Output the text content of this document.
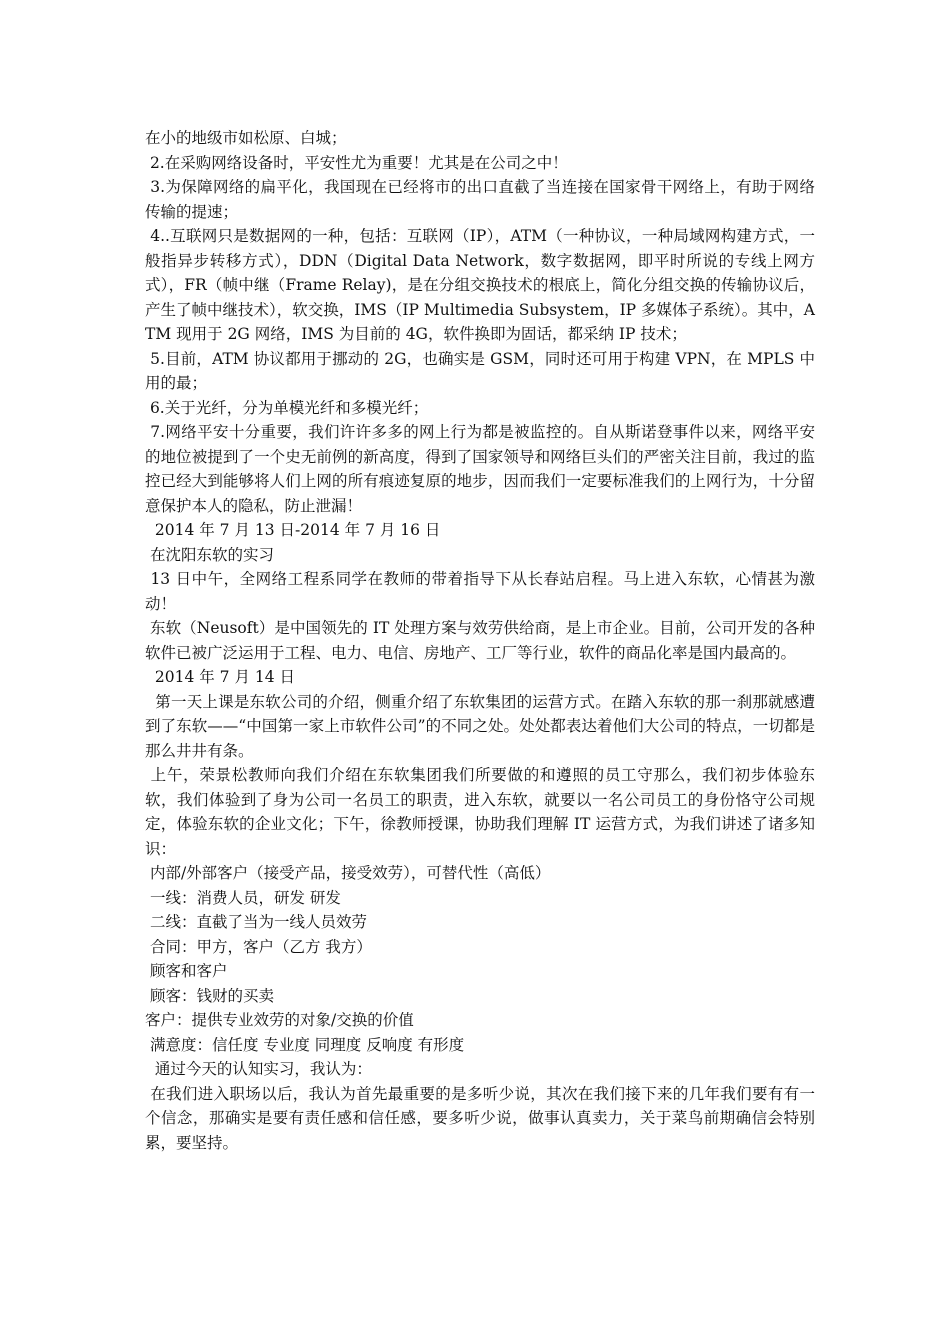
在小的地级市如松原、白城；

2.在采购网络设备时，平安性尤为重要！尤其是在公司之中！

3.为保障网络的扁平化，我国现在已经将市的出口直截了当连接在国家骨干网络上，有助于网络传输的提速；

4..互联网只是数据网的一种，包括：互联网（IP），ATM（一种协议，一种局域网构建方式，一般指异步转移方式），DDN（Digital Data Network，数字数据网，即平时所说的专线上网方式），FR（帧中继（Frame Relay)，是在分组交换技术的根底上，简化分组交换的传输协议后，产生了帧中继技术），软交换，IMS（IP Multimedia Subsystem，IP 多媒体子系统）。其中，ATM 现用于 2G 网络，IMS 为目前的 4G，软件换即为固话，都采纳 IP 技术；

5.目前，ATM 协议都用于挪动的 2G，也确实是 GSM，同时还可用于构建 VPN，在 MPLS 中用的最；

6.关于光纤，分为单模光纤和多模光纤；

7.网络平安十分重要，我们许许多多的网上行为都是被监控的。自从斯诺登事件以来，网络平安的地位被提到了一个史无前例的新高度，得到了国家领导和网络巨头们的严密关注目前，我过的监控已经大到能够将人们上网的所有痕迹复原的地步，因而我们一定要标准我们的上网行为，十分留意保护本人的隐私，防止泄漏！

2014 年 7 月 13 日-2014 年 7 月 16 日

在沈阳东软的实习

13 日中午，全网络工程系同学在教师的带着指导下从长春站启程。马上进入东软，心情甚为激动！

东软（Neusoft）是中国领先的 IT 处理方案与效劳供给商，是上市企业。目前，公司开发的各种软件已被广泛运用于工程、电力、电信、房地产、工厂等行业，软件的商品化率是国内最高的。

2014 年 7 月 14 日

第一天上课是东软公司的介绍，侧重介绍了东软集团的运营方式。在踏入东软的那一刹那就感遭到了东软——“中国第一家上市软件公司”的不同之处。处处都表达着他们大公司的特点，一切都是那么井井有条。

上午，荣景松教师向我们介绍在东软集团我们所要做的和遵照的员工守那么，我们初步体验东软，我们体验到了身为公司一名员工的职责，进入东软，就要以一名公司员工的身份恪守公司规定，体验东软的企业文化；下午，徐教师授课，协助我们理解 IT 运营方式，为我们讲述了诸多知识：

内部/外部客户（接受产品，接受效劳），可替代性（高低）

一线：消费人员，研发 研发

二线：直截了当为一线人员效劳

合同：甲方，客户（乙方 我方）

顾客和客户

顾客：钱财的买卖

客户：提供专业效劳的对象/交换的价值

满意度：信任度 专业度 同理度 反响度 有形度

通过今天的认知实习，我认为：

在我们进入职场以后，我认为首先最重要的是多听少说，其次在我们接下来的几年我们要有有一个信念，那确实是要有责任感和信任感，要多听少说，做事认真卖力，关于菜鸟前期确信会特别累，要坚持。
